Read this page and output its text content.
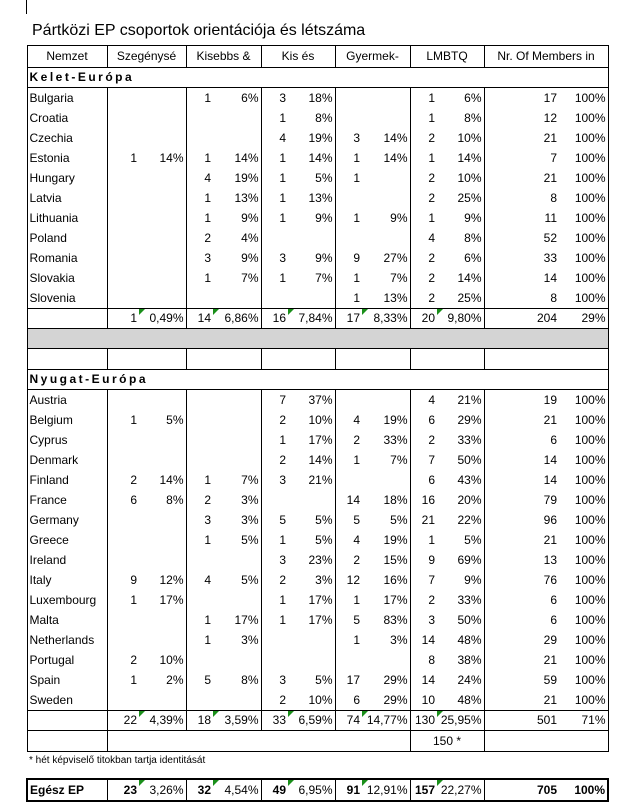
Pártközi EP csoportok orientációja és létszáma
Nemzet	Szegénysé		Kisebbs &		Kis és		Gyermek-		LMBTQ		Nr. Of Members in	
Kelet-Európa												
Bulgaria			1	6%	3	18%			1	6%	17	100%
Croatia					1	8%			1	8%	12	100%
Czechia					4	19%	3	14%	2	10%	21	100%
Estonia	1	14%	1	14%	1	14%	1	14%	1	14%	7	100%
Hungary			4	19%	1	5%	1		2	10%	21	100%
Latvia			1	13%	1	13%			2	25%	8	100%
Lithuania			1	9%	1	9%	1	9%	1	9%	11	100%
Poland			2	4%					4	8%	52	100%
Romania			3	9%	3	9%	9	27%	2	6%	33	100%
Slovakia			1	7%	1	7%	1	7%	2	14%	14	100%
Slovenia							1	13%	2	25%	8	100%
	1	0,49%	14	6,86%	16	7,84%	17	8,33%	20	9,80%	204	29%

Nyugat-Európa												
Austria					7	37%			4	21%	19	100%
Belgium	1	5%			2	10%	4	19%	6	29%	21	100%
Cyprus					1	17%	2	33%	2	33%	6	100%
Denmark					2	14%	1	7%	7	50%	14	100%
Finland	2	14%	1	7%	3	21%			6	43%	14	100%
France	6	8%	2	3%			14	18%	16	20%	79	100%
Germany			3	3%	5	5%	5	5%	21	22%	96	100%
Greece			1	5%	1	5%	4	19%	1	5%	21	100%
Ireland					3	23%	2	15%	9	69%	13	100%
Italy	9	12%	4	5%	2	3%	12	16%	7	9%	76	100%
Luxembourg	1	17%			1	17%	1	17%	2	33%	6	100%
Malta			1	17%	1	17%	5	83%	3	50%	6	100%
Netherlands			1	3%			1	3%	14	48%	29	100%
Portugal	2	10%							8	38%	21	100%
Spain	1	2%	5	8%	3	5%	17	29%	14	24%	59	100%
Sweden					2	10%	6	29%	10	48%	21	100%
	22	4,39%	18	3,59%	33	6,59%	74	14,77%	130	25,95%	501	71%
									150 *			
* hét képviselő titokban tartja identitását												

Egész EP	23	3,26%	32	4,54%	49	6,95%	91	12,91%	157	22,27%	705	100%
